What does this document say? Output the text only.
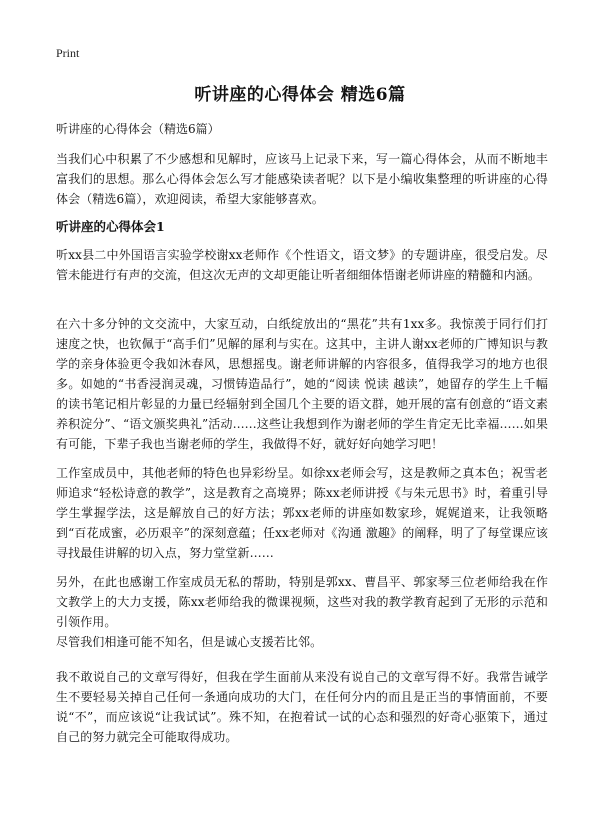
Print
听讲座的心得体会 精选6篇
听讲座的心得体会（精选6篇）
当我们心中积累了不少感想和见解时，应该马上记录下来，写一篇心得体会，从而不断地丰富我们的思想。那么心得体会怎么写才能感染读者呢？以下是小编收集整理的听讲座的心得体会（精选6篇），欢迎阅读，希望大家能够喜欢。
听讲座的心得体会1
听xx县二中外国语言实验学校谢xx老师作《个性语文，语文梦》的专题讲座，很受启发。尽管未能进行有声的交流，但这次无声的文却更能让听者细细体悟谢老师讲座的精髓和内涵。
在六十多分钟的文交流中，大家互动，白纸绽放出的“黑花”共有1xx多。我惊羡于同行们打速度之快，也钦佩于“高手们”见解的犀利与实在。这其中，主讲人谢xx老师的广博知识与教学的亲身体验更令我如沐春风，思想摇曳。谢老师讲解的内容很多，值得我学习的地方也很多。如她的“书香浸润灵魂，习惯铸造品行”，她的“阅读 悦读 越读”，她留存的学生上千幅的读书笔记相片彰显的力量已经辐射到全国几个主要的语文群，她开展的富有创意的“语文素养积淀分”、“语文颁奖典礼”活动……这些让我想到作为谢老师的学生肯定无比幸福……如果有可能，下辈子我也当谢老师的学生，我做得不好，就好好向她学习吧！
工作室成员中，其他老师的特色也异彩纷呈。如徐xx老师会写，这是教师之真本色；祝雪老师追求“轻松诗意的教学”，这是教育之高境界；陈xx老师讲授《与朱元思书》时，着重引导学生掌握学法，这是解放自己的好方法；郭xx老师的讲座如数家珍，娓娓道来，让我领略到“百花成蜜，必历艰辛”的深刻意蕴；任xx老师对《沟通 激趣》的阐释，明了了每堂课应该寻找最佳讲解的切入点，努力堂堂新……
另外，在此也感谢工作室成员无私的帮助，特别是郭xx、曹昌平、郭家琴三位老师给我在作文教学上的大力支援，陈xx老师给我的微课视频，这些对我的教学教育起到了无形的示范和引领作用。
尽管我们相逢可能不知名，但是诚心支援若比邻。
我不敢说自己的文章写得好，但我在学生面前从来没有说自己的文章写得不好。我常告诫学生不要轻易关掉自己任何一条通向成功的大门，在任何分内的而且是正当的事情面前，不要说“不”，而应该说“让我试试”。殊不知，在抱着试一试的心态和强烈的好奇心驱策下，通过自己的努力就完全可能取得成功。
